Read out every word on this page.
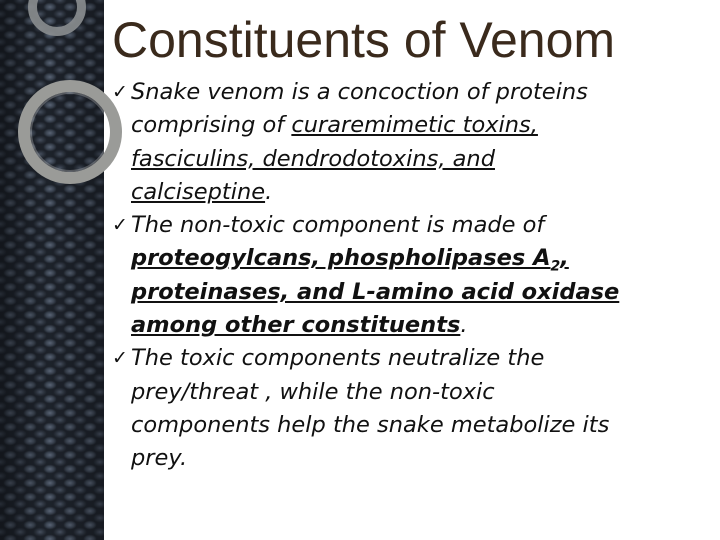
Constituents of Venom
✓ Snake venom is a concoction of proteins
comprising of curaremimetic toxins,
fasciculins, dendrodotoxins, and
calciseptine.
✓ The non-toxic component is made of
proteogylcans, phospholipases $A_2$,
proteinases, and L-amino acid oxidase
among other constituents.
✓ The toxic components neutralize the
prey/threat , while the non-toxic
components help the snake metabolize its
prey.
